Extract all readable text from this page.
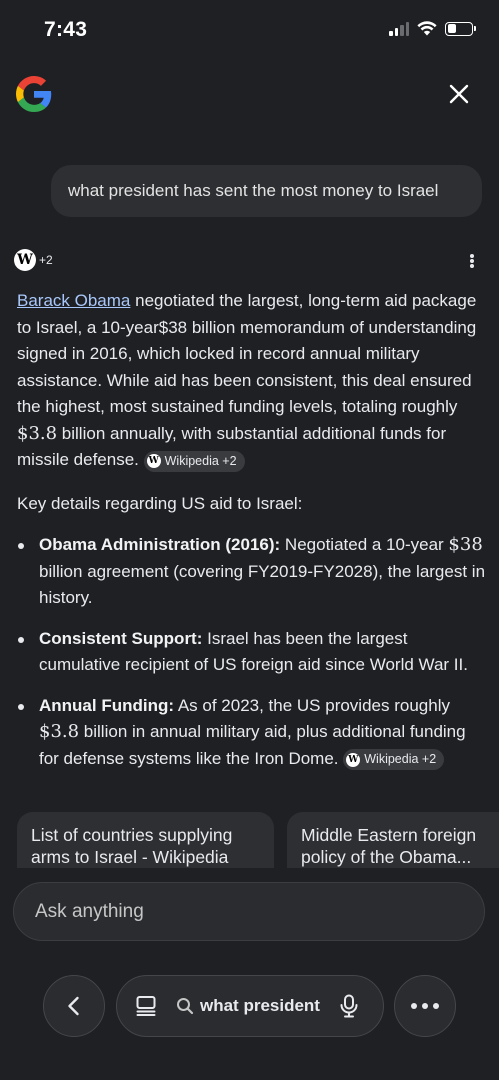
7:43
what president has sent the most money to Israel
W +2

Barack Obama negotiated the largest, long-term aid package to Israel, a 10-year$38 billion memorandum of understanding signed in 2016, which locked in record annual military assistance. While aid has been consistent, this deal ensured the highest, most sustained funding levels, totaling roughly $3.8 billion annually, with substantial additional funds for missile defense. W Wikipedia +2

Key details regarding US aid to Israel:

Obama Administration (2016): Negotiated a 10-year $38 billion agreement (covering FY2019-FY2028), the largest in history.
Consistent Support: Israel has been the largest cumulative recipient of US foreign aid since World War II.
Annual Funding: As of 2023, the US provides roughly $3.8 billion in annual military aid, plus additional funding for defense systems like the Iron Dome. W Wikipedia +2
List of countries supplying arms to Israel - Wikipedia
Middle Eastern foreign policy of the Obama...
Ask anything
what president
